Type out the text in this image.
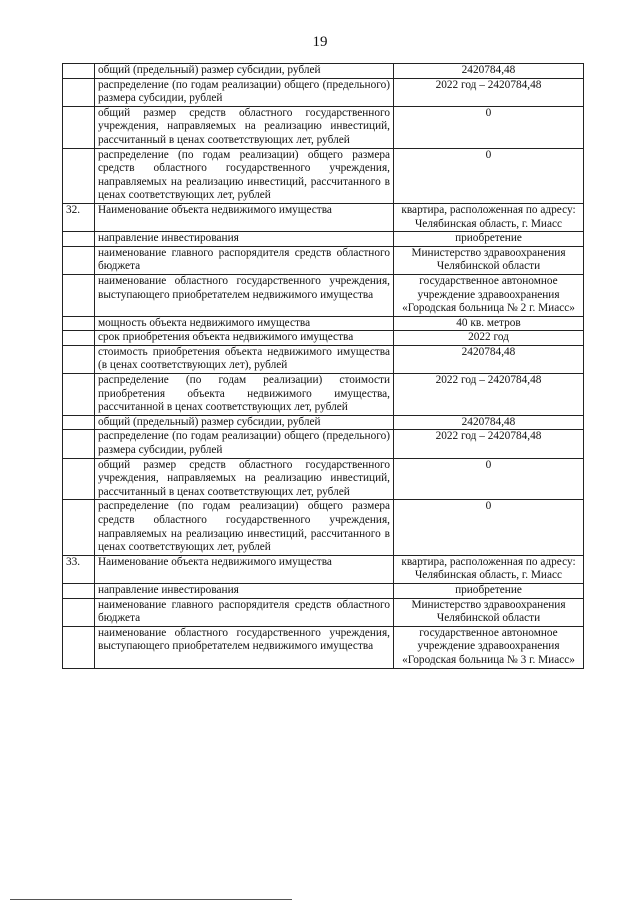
19
	общий (предельный) размер субсидии, рублей	2420784,48
	распределение (по годам реализации) общего (предельного) размера субсидии, рублей	2022 год – 2420784,48
	общий размер средств областного государственного учреждения, направляемых на реализацию инвестиций, рассчитанный в ценах соответствующих лет, рублей	0
	распределение (по годам реализации) общего размера средств областного государственного учреждения, направляемых на реализацию инвестиций, рассчитанного в ценах соответствующих лет, рублей	0
32.	Наименование объекта недвижимого имущества	квартира, расположенная по адресу: Челябинская область, г. Миасс
	направление инвестирования	приобретение
	наименование главного распорядителя средств областного бюджета	Министерство здравоохранения Челябинской области
	наименование областного государственного учреждения, выступающего приобретателем недвижимого имущества	государственное автономное учреждение здравоохранения «Городская больница № 2 г. Миасс»
	мощность объекта недвижимого имущества	40 кв. метров
	срок приобретения объекта недвижимого имущества	2022 год
	стоимость приобретения объекта недвижимого имущества (в ценах соответствующих лет), рублей	2420784,48
	распределение (по годам реализации) стоимости приобретения объекта недвижимого имущества, рассчитанной в ценах соответствующих лет, рублей	2022 год – 2420784,48
	общий (предельный) размер субсидии, рублей	2420784,48
	распределение (по годам реализации) общего (предельного) размера субсидии, рублей	2022 год – 2420784,48
	общий размер средств областного государственного учреждения, направляемых на реализацию инвестиций, рассчитанный в ценах соответствующих лет, рублей	0
	распределение (по годам реализации) общего размера средств областного государственного учреждения, направляемых на реализацию инвестиций, рассчитанного в ценах соответствующих лет, рублей	0
33.	Наименование объекта недвижимого имущества	квартира, расположенная по адресу: Челябинская область, г. Миасс
	направление инвестирования	приобретение
	наименование главного распорядителя средств областного бюджета	Министерство здравоохранения Челябинской области
	наименование областного государственного учреждения, выступающего приобретателем недвижимого имущества	государственное автономное учреждение здравоохранения «Городская больница № 3 г. Миасс»
